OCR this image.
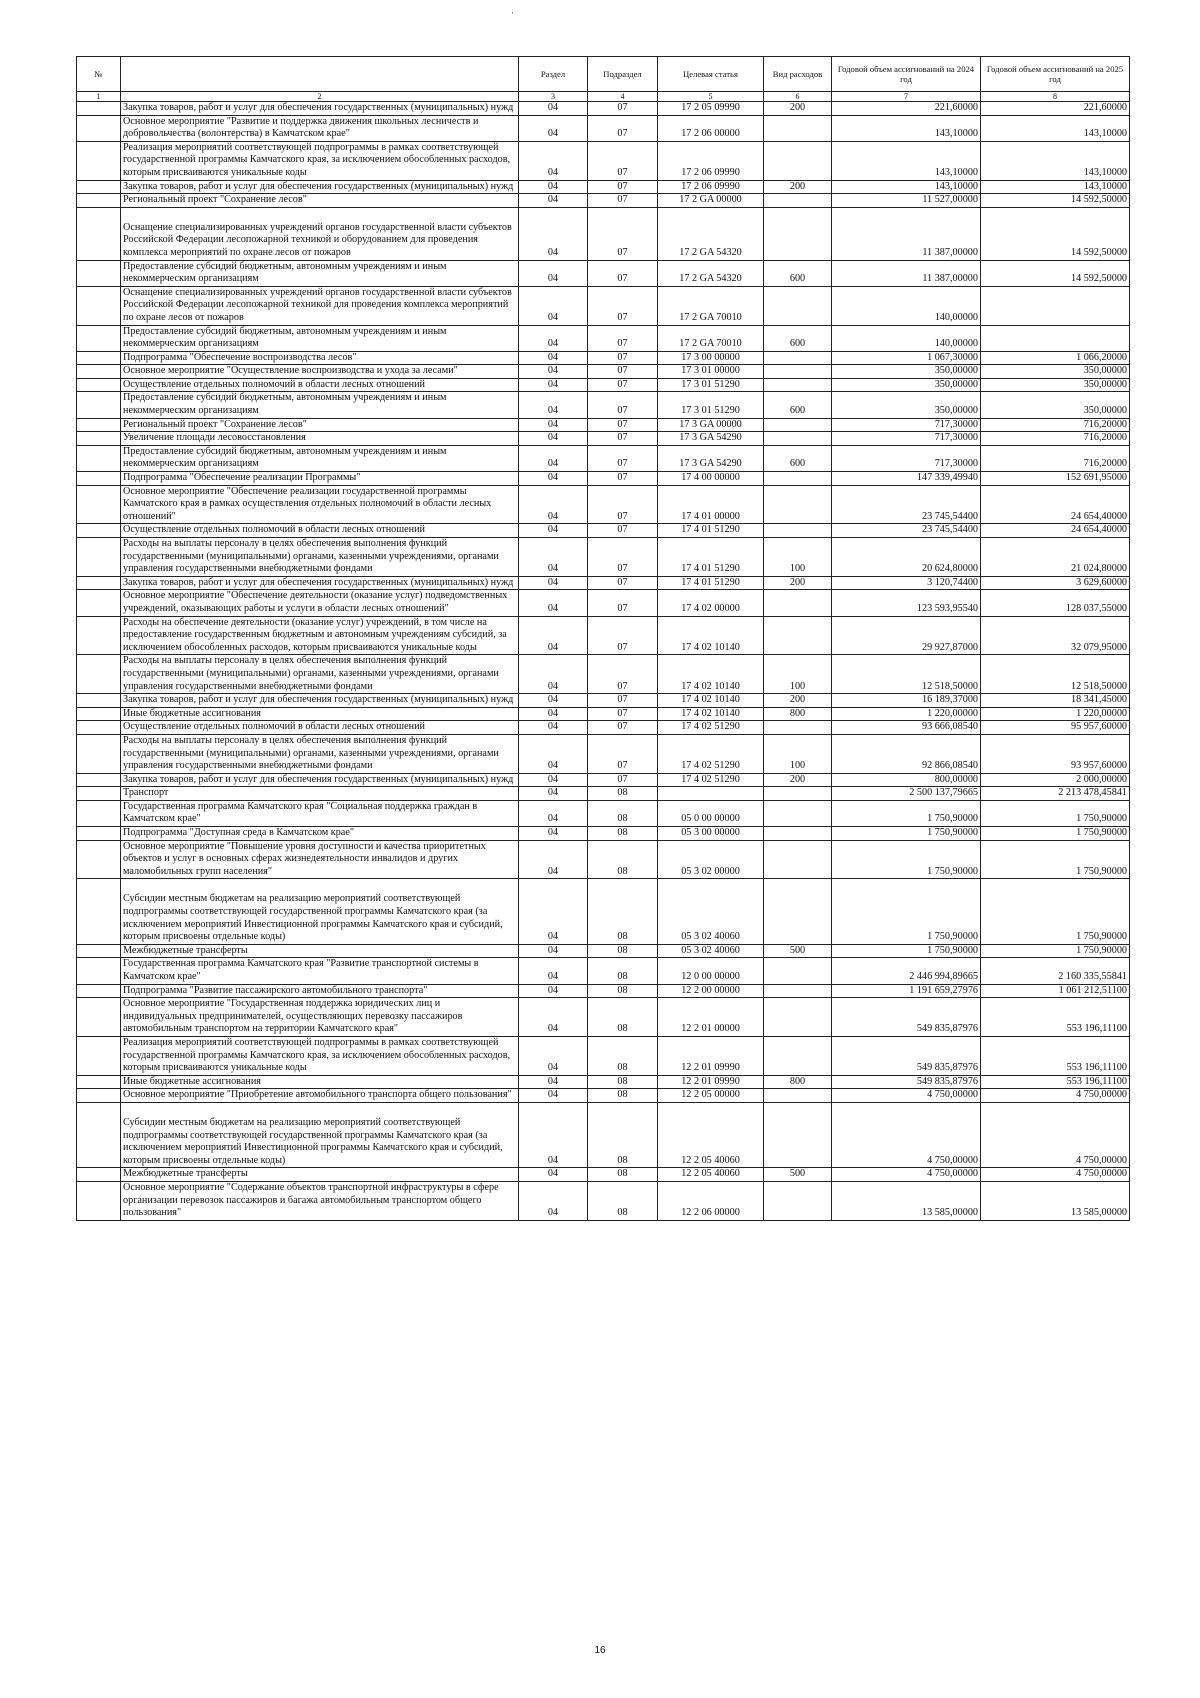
·
№		Раздел	Подраздел	Целевая статья	Вид расходов	Годовой объем ассигнований на 2024 год	Годовой объем ассигнований на 2025 год
1	2	3	4	5	6	7	8
	Закупка товаров, работ и услуг для обеспечения государственных (муниципальных) нужд	04	07	17 2 05 09990	200	221,60000	221,60000
	Основное мероприятие "Развитие и поддержка движения школьных лесничеств и добровольчества (волонтерства) в Камчатском крае"	04	07	17 2 06 00000		143,10000	143,10000
	Реализация мероприятий соответствующей подпрограммы в рамках соответствующей государственной программы Камчатского края, за исключением обособленных расходов, которым присваиваются уникальные коды	04	07	17 2 06 09990		143,10000	143,10000
	Закупка товаров, работ и услуг для обеспечения государственных (муниципальных) нужд	04	07	17 2 06 09990	200	143,10000	143,10000
	Региональный проект "Сохранение лесов"	04	07	17 2 GA 00000		11 527,00000	14 592,50000
	Оснащение специализированных учреждений органов государственной власти субъектов Российской Федерации лесопожарной техникой и оборудованием для проведения комплекса мероприятий по охране лесов от пожаров	04	07	17 2 GA 54320		11 387,00000	14 592,50000
	Предоставление субсидий бюджетным, автономным учреждениям и иным некоммерческим организациям	04	07	17 2 GA 54320	600	11 387,00000	14 592,50000
	Оснащение специализированных учреждений органов государственной власти субъектов Российской Федерации лесопожарной техникой для проведения комплекса мероприятий по охране лесов от пожаров	04	07	17 2 GA 70010		140,00000	
	Предоставление субсидий бюджетным, автономным учреждениям и иным некоммерческим организациям	04	07	17 2 GA 70010	600	140,00000	
	Подпрограмма "Обеспечение воспроизводства лесов"	04	07	17 3 00 00000		1 067,30000	1 066,20000
	Основное мероприятие "Осуществление воспроизводства и ухода за лесами"	04	07	17 3 01 00000		350,00000	350,00000
	Осуществление отдельных полномочий в области лесных отношений	04	07	17 3 01 51290		350,00000	350,00000
	Предоставление субсидий бюджетным, автономным учреждениям и иным некоммерческим организациям	04	07	17 3 01 51290	600	350,00000	350,00000
	Региональный проект "Сохранение лесов"	04	07	17 3 GA 00000		717,30000	716,20000
	Увеличение площади лесовосстановления	04	07	17 3 GA 54290		717,30000	716,20000
	Предоставление субсидий бюджетным, автономным учреждениям и иным некоммерческим организациям	04	07	17 3 GA 54290	600	717,30000	716,20000
	Подпрограмма "Обеспечение реализации Программы"	04	07	17 4 00 00000		147 339,49940	152 691,95000
	Основное мероприятие "Обеспечение реализации государственной программы Камчатского края в рамках осуществления отдельных полномочий в области лесных отношений"	04	07	17 4 01 00000		23 745,54400	24 654,40000
	Осуществление отдельных полномочий в области лесных отношений	04	07	17 4 01 51290		23 745,54400	24 654,40000
	Расходы на выплаты персоналу в целях обеспечения выполнения функций государственными (муниципальными) органами, казенными учреждениями, органами управления государственными внебюджетными фондами	04	07	17 4 01 51290	100	20 624,80000	21 024,80000
	Закупка товаров, работ и услуг для обеспечения государственных (муниципальных) нужд	04	07	17 4 01 51290	200	3 120,74400	3 629,60000
	Основное мероприятие "Обеспечение деятельности (оказание услуг) подведомственных учреждений, оказывающих работы и услуги в области лесных отношений"	04	07	17 4 02 00000		123 593,95540	128 037,55000
	Расходы на обеспечение деятельности (оказание услуг) учреждений, в том числе на предоставление государственным бюджетным и автономным учреждениям субсидий, за исключением обособленных расходов, которым присваиваются уникальные коды	04	07	17 4 02 10140		29 927,87000	32 079,95000
	Расходы на выплаты персоналу в целях обеспечения выполнения функций государственными (муниципальными) органами, казенными учреждениями, органами управления государственными внебюджетными фондами	04	07	17 4 02 10140	100	12 518,50000	12 518,50000
	Закупка товаров, работ и услуг для обеспечения государственных (муниципальных) нужд	04	07	17 4 02 10140	200	16 189,37000	18 341,45000
	Иные бюджетные ассигнования	04	07	17 4 02 10140	800	1 220,00000	1 220,00000
	Осуществление отдельных полномочий в области лесных отношений	04	07	17 4 02 51290		93 666,08540	95 957,60000
	Расходы на выплаты персоналу в целях обеспечения выполнения функций государственными (муниципальными) органами, казенными учреждениями, органами управления государственными внебюджетными фондами	04	07	17 4 02 51290	100	92 866,08540	93 957,60000
	Закупка товаров, работ и услуг для обеспечения государственных (муниципальных) нужд	04	07	17 4 02 51290	200	800,00000	2 000,00000
	Транспорт	04	08			2 500 137,79665	2 213 478,45841
	Государственная программа Камчатского края "Социальная поддержка граждан в Камчатском крае"	04	08	05 0 00 00000		1 750,90000	1 750,90000
	Подпрограмма "Доступная среда в Камчатском крае"	04	08	05 3 00 00000		1 750,90000	1 750,90000
	Основное мероприятие "Повышение уровня доступности и качества приоритетных объектов и услуг в основных сферах жизнедеятельности инвалидов и других маломобильных групп населения"	04	08	05 3 02 00000		1 750,90000	1 750,90000
	Субсидии местным бюджетам на реализацию мероприятий соответствующей подпрограммы соответствующей государственной программы Камчатского края (за исключением мероприятий Инвестиционной программы Камчатского края и субсидий, которым присвоены отдельные коды)	04	08	05 3 02 40060		1 750,90000	1 750,90000
	Межбюджетные трансферты	04	08	05 3 02 40060	500	1 750,90000	1 750,90000
	Государственная программа Камчатского края "Развитие транспортной системы в Камчатском крае"	04	08	12 0 00 00000		2 446 994,89665	2 160 335,55841
	Подпрограмма "Развитие пассажирского автомобильного транспорта"	04	08	12 2 00 00000		1 191 659,27976	1 061 212,51100
	Основное мероприятие "Государственная поддержка юридических лиц и индивидуальных предпринимателей, осуществляющих перевозку пассажиров автомобильным транспортом на территории Камчатского края"	04	08	12 2 01 00000		549 835,87976	553 196,11100
	Реализация мероприятий соответствующей подпрограммы в рамках соответствующей государственной программы Камчатского края, за исключением обособленных расходов, которым присваиваются уникальные коды	04	08	12 2 01 09990		549 835,87976	553 196,11100
	Иные бюджетные ассигнования	04	08	12 2 01 09990	800	549 835,87976	553 196,11100
	Основное мероприятие "Приобретение автомобильного транспорта общего пользования"	04	08	12 2 05 00000		4 750,00000	4 750,00000
	Субсидии местным бюджетам на реализацию мероприятий соответствующей подпрограммы соответствующей государственной программы Камчатского края (за исключением мероприятий Инвестиционной программы Камчатского края и субсидий, которым присвоены отдельные коды)	04	08	12 2 05 40060		4 750,00000	4 750,00000
	Межбюджетные трансферты	04	08	12 2 05 40060	500	4 750,00000	4 750,00000
	Основное мероприятие "Содержание объектов транспортной инфраструктуры в сфере организации перевозок пассажиров и багажа автомобильным транспортом общего пользования"	04	08	12 2 06 00000		13 585,00000	13 585,00000
16
